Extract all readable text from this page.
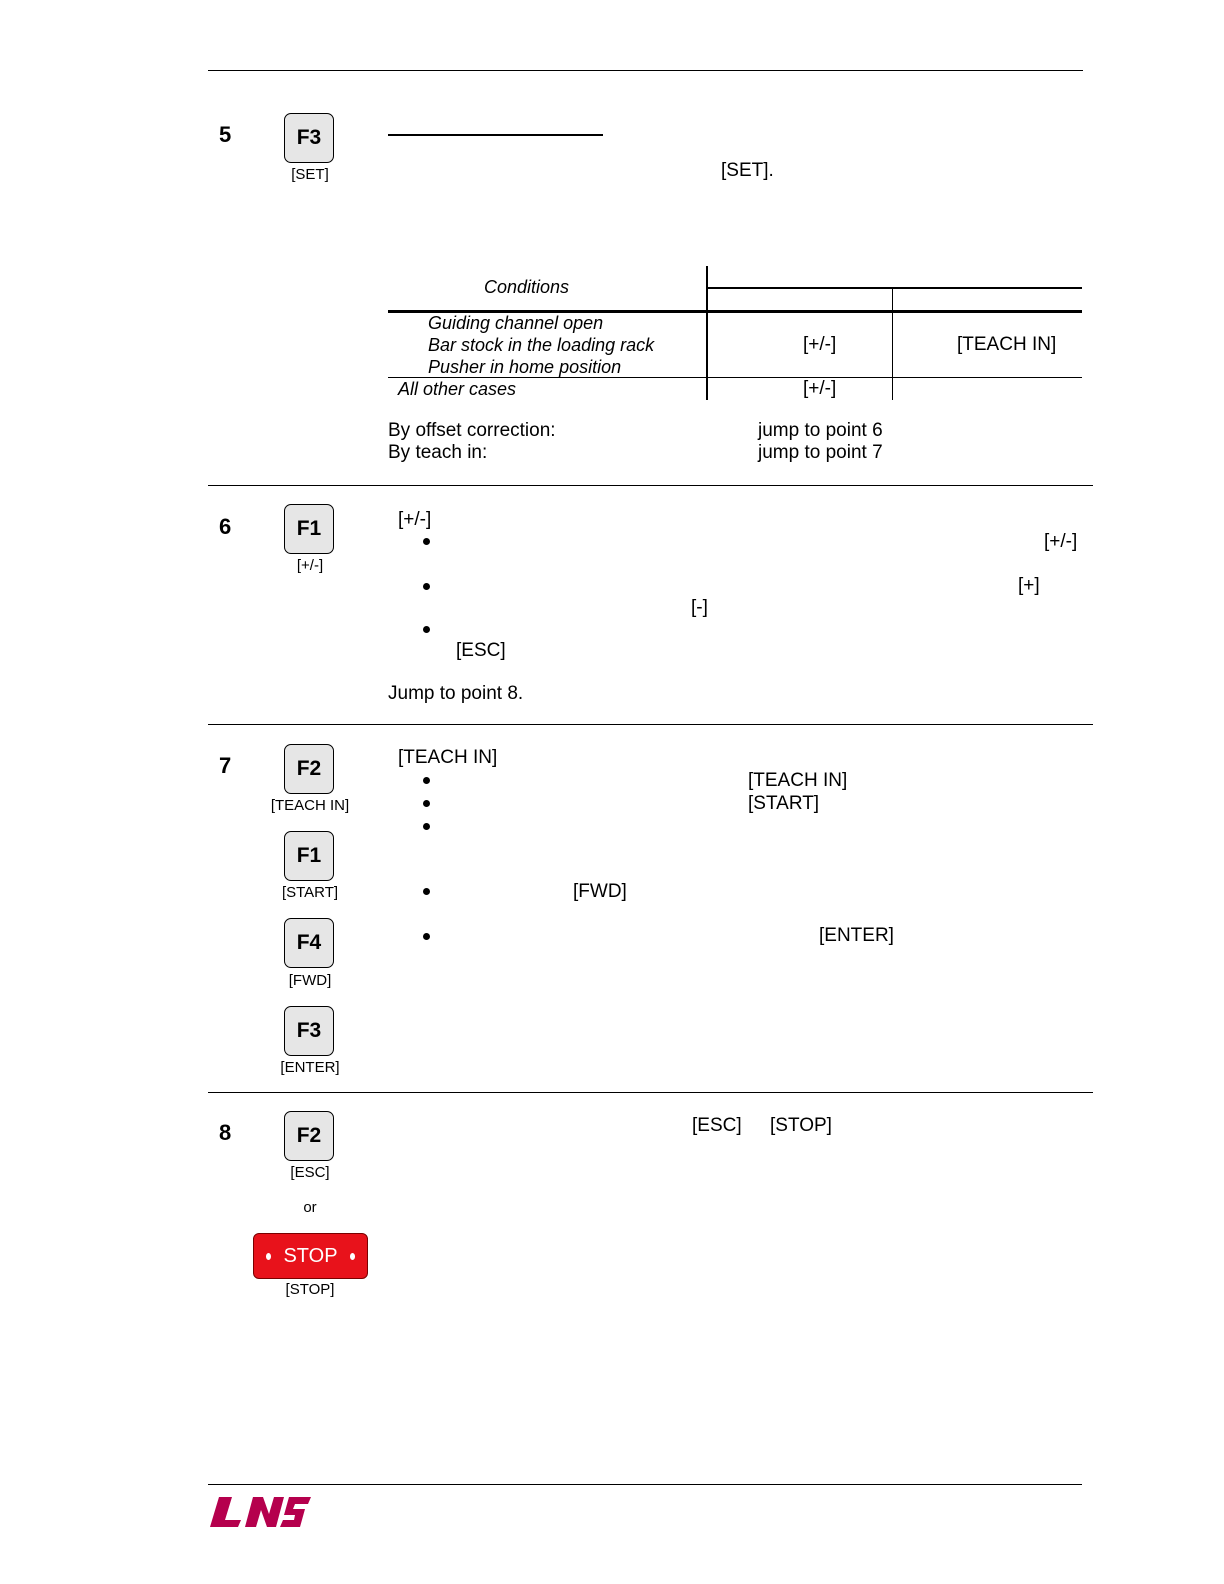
5	F3
[SET]	[SET].
Conditions
Guiding channel open
Bar stock in the loading rack
Pusher in home position
[+/-]	[TEACH IN]
All other cases	[+/-]
By offset correction:	jump to point 6
By teach in:	jump to point 7
6	F1
[+/-]
[+/-]
[+/-]
[+]
[-]
[ESC]
Jump to point 8.
7	F2
[TEACH IN]
F1
[START]
F4
[FWD]
F3
[ENTER]
[TEACH IN]
[TEACH IN]
[START]
[FWD]
[ENTER]
8	F2
[ESC]
or
STOP
[STOP]
[ESC] [STOP]
